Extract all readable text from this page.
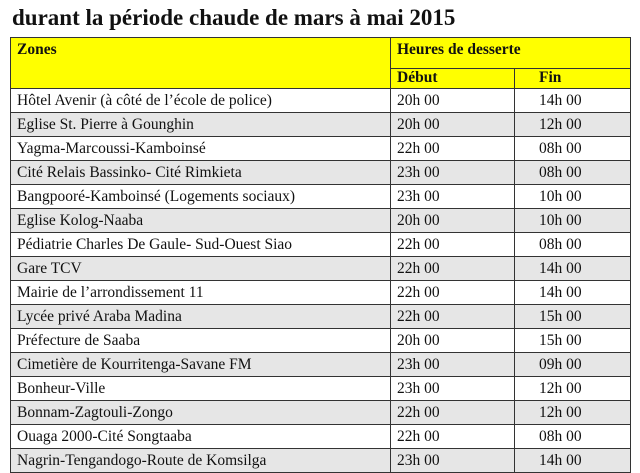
durant la période chaude de mars à mai 2015
Zones	Heures de desserte	
	Début	Fin
Hôtel Avenir (à côté de l’école de police)	20h 00	14h 00
Eglise St. Pierre à Gounghin	20h 00	12h 00
Yagma-Marcoussi-Kamboinsé	22h 00	08h 00
Cité Relais Bassinko- Cité Rimkieta	23h 00	08h 00
Bangpooré-Kamboinsé (Logements sociaux)	23h 00	10h 00
Eglise Kolog-Naaba	20h 00	10h 00
Pédiatrie Charles De Gaule- Sud-Ouest Siao	22h 00	08h 00
Gare TCV	22h 00	14h 00
Mairie de l’arrondissement 11	22h 00	14h 00
Lycée privé Araba Madina	22h 00	15h 00
Préfecture de Saaba	20h 00	15h 00
Cimetière de Kourritenga-Savane FM	23h 00	09h 00
Bonheur-Ville	23h 00	12h 00
Bonnam-Zagtouli-Zongo	22h 00	12h 00
Ouaga 2000-Cité Songtaaba	22h 00	08h 00
Nagrin-Tengandogo-Route de Komsilga	23h 00	14h 00
